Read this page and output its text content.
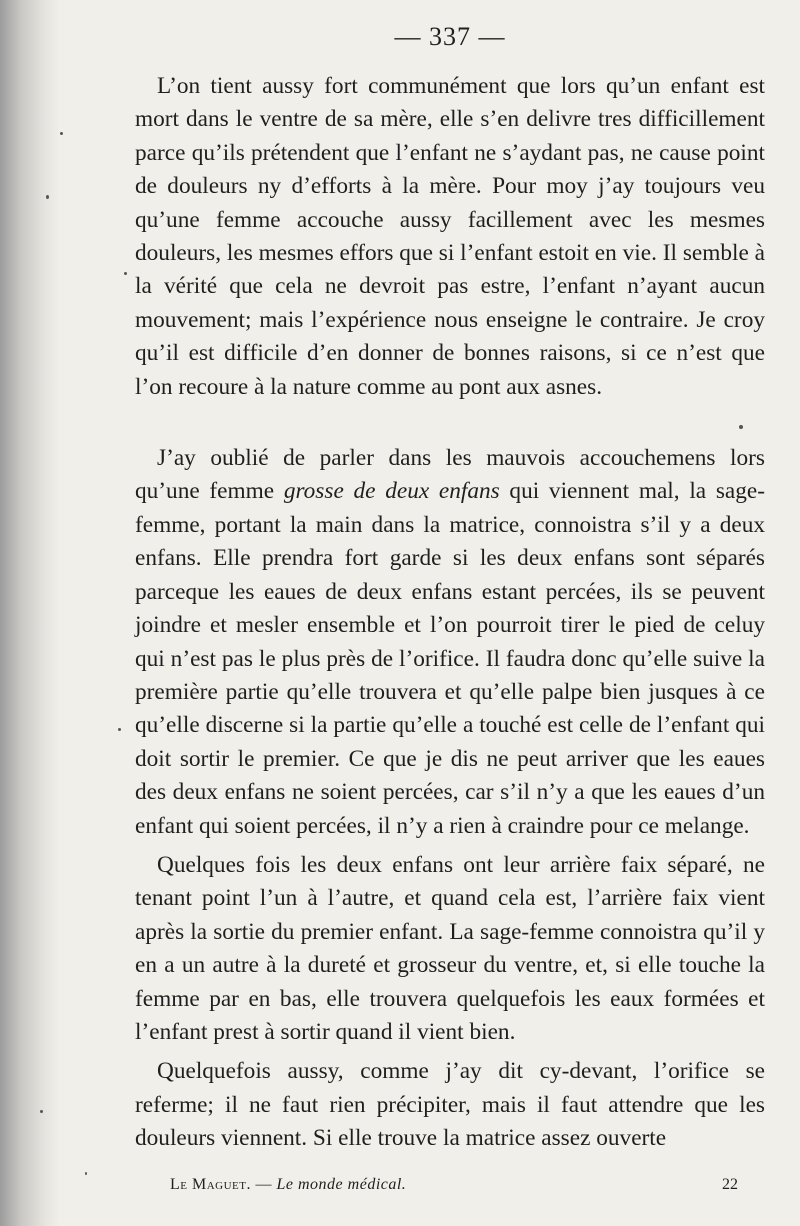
— 337 —

L’on tient aussy fort communément que lors qu’un enfant est mort dans le ventre de sa mère, elle s’en delivre tres difficillement parce qu’ils prétendent que l’enfant ne s’aydant pas, ne cause point de douleurs ny d’efforts à la mère. Pour moy j’ay toujours veu qu’une femme accouche aussy facillement avec les mesmes douleurs, les mesmes effors que si l’enfant estoit en vie. Il semble à la vérité que cela ne devroit pas estre, l’enfant n’ayant aucun mouvement; mais l’expérience nous enseigne le contraire. Je croy qu’il est difficile d’en donner de bonnes raisons, si ce n’est que l’on recoure à la nature comme au pont aux asnes.

J’ay oublié de parler dans les mauvois accouchemens lors qu’une femme grosse de deux enfans qui viennent mal, la sage-femme, portant la main dans la matrice, connoistra s’il y a deux enfans. Elle prendra fort garde si les deux enfans sont séparés parceque les eaues de deux enfans estant percées, ils se peuvent joindre et mesler ensemble et l’on pourroit tirer le pied de celuy qui n’est pas le plus près de l’orifice. Il faudra donc qu’elle suive la première partie qu’elle trouvera et qu’elle palpe bien jusques à ce qu’elle discerne si la partie qu’elle a touché est celle de l’enfant qui doit sortir le premier. Ce que je dis ne peut arriver que les eaues des deux enfans ne soient percées, car s’il n’y a que les eaues d’un enfant qui soient percées, il n’y a rien à craindre pour ce melange.

Quelques fois les deux enfans ont leur arrière faix séparé, ne tenant point l’un à l’autre, et quand cela est, l’arrière faix vient après la sortie du premier enfant. La sage-femme connoistra qu’il y en a un autre à la dureté et grosseur du ventre, et, si elle touche la femme par en bas, elle trouvera quelquefois les eaux formées et l’enfant prest à sortir quand il vient bien.

Quelquefois aussy, comme j’ay dit cy-devant, l’orifice se referme; il ne faut rien précipiter, mais il faut attendre que les douleurs viennent. Si elle trouve la matrice assez ouverte

Le Maguet. — Le monde médical.	22
